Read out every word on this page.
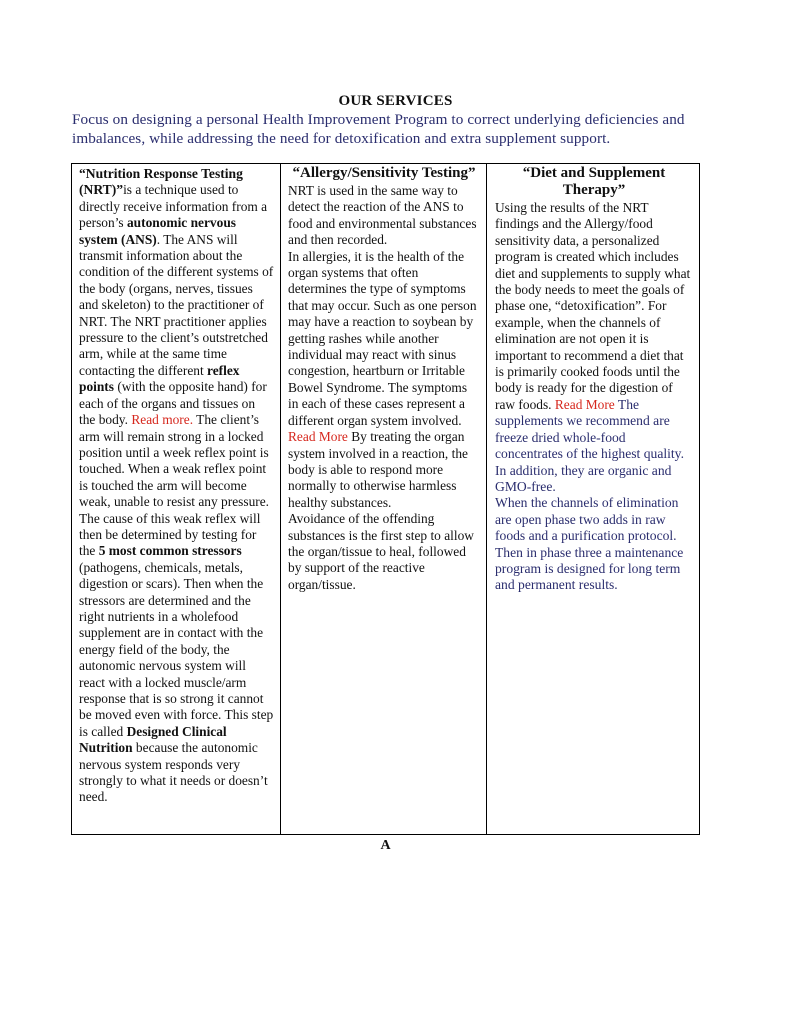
OUR SERVICES
Focus on designing a personal Health Improvement Program to correct underlying deficiencies and imbalances, while addressing the need for detoxification and extra supplement support.
“Nutrition Response Testing (NRT)”is a technique used to directly receive information from a person’s autonomic nervous system (ANS). The ANS will transmit information about the condition of the different systems of the body (organs, nerves, tissues and skeleton) to the practitioner of NRT. The NRT practitioner applies pressure to the client’s outstretched arm, while at the same time contacting the different reflex points (with the opposite hand) for each of the organs and tissues on the body. Read more. The client’s arm will remain strong in a locked position until a week reflex point is touched. When a weak reflex point is touched the arm will become weak, unable to resist any pressure. The cause of this weak reflex will then be determined by testing for the 5 most common stressors (pathogens, chemicals, metals, digestion or scars). Then when the stressors are determined and the right nutrients in a wholefood supplement are in contact with the energy field of the body, the autonomic nervous system will react with a locked muscle/arm response that is so strong it cannot be moved even with force. This step is called Designed Clinical Nutrition because the autonomic nervous system responds very strongly to what it needs or doesn’t need.
“Allergy/Sensitivity Testing”
NRT is used in the same way to detect the reaction of the ANS to food and environmental substances and then recorded.
In allergies, it is the health of the organ systems that often determines the type of symptoms that may occur. Such as one person may have a reaction to soybean by getting rashes while another individual may react with sinus congestion, heartburn or Irritable Bowel Syndrome. The symptoms in each of these cases represent a different organ system involved. Read More By treating the organ system involved in a reaction, the body is able to respond more normally to otherwise harmless healthy substances.
Avoidance of the offending substances is the first step to allow the organ/tissue to heal, followed by support of the reactive organ/tissue.
“Diet and Supplement Therapy”
Using the results of the NRT findings and the Allergy/food sensitivity data, a personalized program is created which includes diet and supplements to supply what the body needs to meet the goals of phase one, “detoxification”. For example, when the channels of elimination are not open it is important to recommend a diet that is primarily cooked foods until the body is ready for the digestion of raw foods. Read More The supplements we recommend are freeze dried whole-food concentrates of the highest quality. In addition, they are organic and GMO-free.
When the channels of elimination are open phase two adds in raw foods and a purification protocol. Then in phase three a maintenance program is designed for long term and permanent results.
A
